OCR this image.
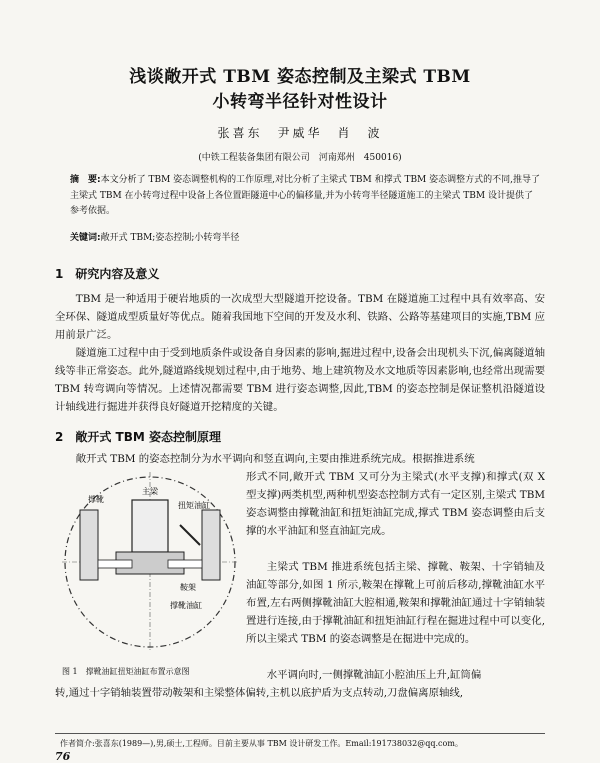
浅谈敞开式 TBM 姿态控制及主梁式 TBM
小转弯半径针对性设计
张喜东　尹威华　肖　波
(中铁工程装备集团有限公司　河南郑州　450016)
摘　要:本文分析了 TBM 姿态调整机构的工作原理,对比分析了主梁式 TBM 和撑式 TBM 姿态调整方式的不同,推导了主梁式 TBM 在小转弯过程中设备上各位置距隧道中心的偏移量,并为小转弯半径隧道施工的主梁式 TBM 设计提供了参考依据。
关键词:敞开式 TBM;姿态控制;小转弯半径
1　研究内容及意义
TBM 是一种适用于硬岩地质的一次成型大型隧道开挖设备。TBM 在隧道施工过程中具有效率高、安全环保、隧道成型质量好等优点。随着我国地下空间的开发及水利、铁路、公路等基建项目的实施,TBM 应用前景广泛。
隧道施工过程中由于受到地质条件或设备自身因素的影响,掘进过程中,设备会出现机头下沉,偏离隧道轴线等非正常姿态。此外,隧道路线规划过程中,由于地势、地上建筑物及水文地质等因素影响,也经常出现需要 TBM 转弯调向等情况。上述情况都需要 TBM 进行姿态调整,因此,TBM 的姿态控制是保证整机沿隧道设计轴线进行掘进并获得良好隧道开挖精度的关键。
2　敞开式 TBM 姿态控制原理
敞开式 TBM 的姿态控制分为水平调向和竖直调向,主要由推进系统完成。根据推进系统
形式不同,敞开式 TBM 又可分为主梁式(水平支撑)和撑式(双 X 型支撑)两类机型,两种机型姿态控制方式有一定区别,主梁式 TBM 姿态调整由撑靴油缸和扭矩油缸完成,撑式 TBM 姿态调整由后支撑的水平油缸和竖直油缸完成。
主梁式 TBM 推进系统包括主梁、撑靴、鞍架、十字销轴及油缸等部分,如图 1 所示,鞍架在撑靴上可前后移动,撑靴油缸水平布置,左右两侧撑靴油缸大腔相通,鞍架和撑靴油缸通过十字销轴装置进行连接,由于撑靴油缸和扭矩油缸行程在掘进过程中可以变化,所以主梁式 TBM 的姿态调整是在掘进中完成的。
水平调向时,一侧撑靴油缸小腔油压上升,缸筒偏
转,通过十字销轴装置带动鞍架和主梁整体偏转,主机以底护盾为支点转动,刀盘偏离原轴线,
撑靴
主梁
扭矩油缸
鞍架
撑靴油缸
图 1　撑靴油缸扭矩油缸布置示意图
作者简介:张喜东(1989—),男,硕士,工程师。目前主要从事 TBM 设计研发工作。Email:191738032@qq.com。
76
